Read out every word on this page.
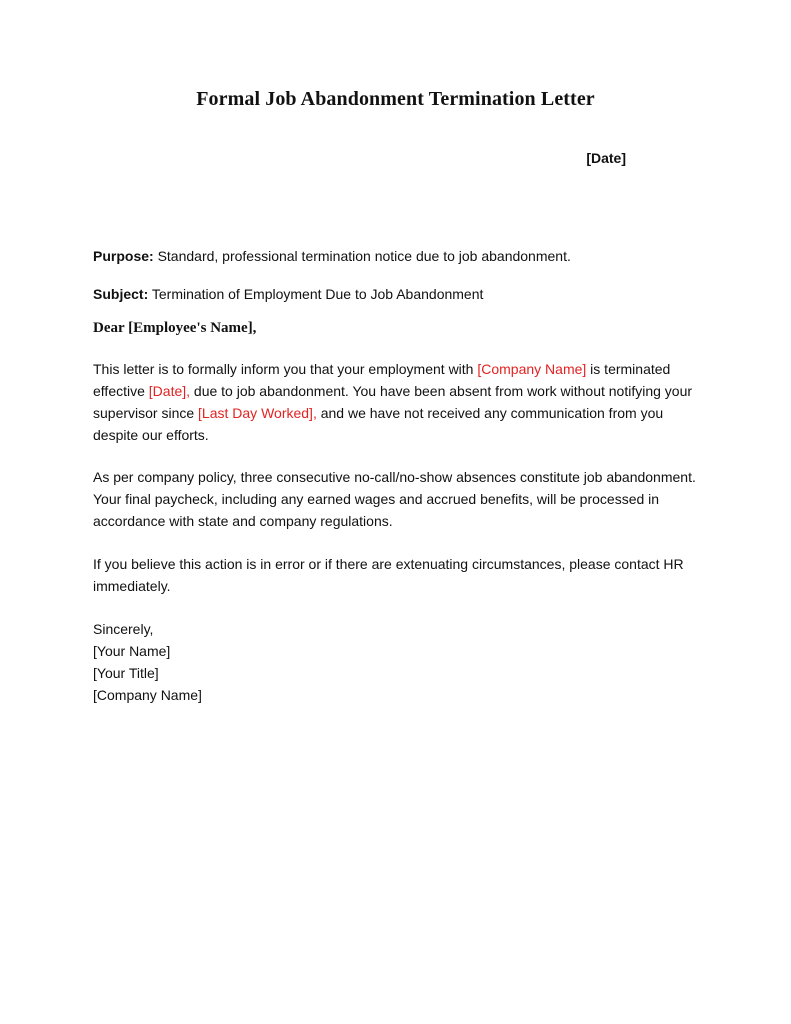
Formal Job Abandonment Termination Letter
[Date]
Purpose: Standard, professional termination notice due to job abandonment.
Subject: Termination of Employment Due to Job Abandonment
Dear [Employee's Name],
This letter is to formally inform you that your employment with [Company Name] is terminated effective [Date], due to job abandonment. You have been absent from work without notifying your supervisor since [Last Day Worked], and we have not received any communication from you despite our efforts.
As per company policy, three consecutive no-call/no-show absences constitute job abandonment. Your final paycheck, including any earned wages and accrued benefits, will be processed in accordance with state and company regulations.
If you believe this action is in error or if there are extenuating circumstances, please contact HR immediately.
Sincerely,
[Your Name]
[Your Title]
[Company Name]
